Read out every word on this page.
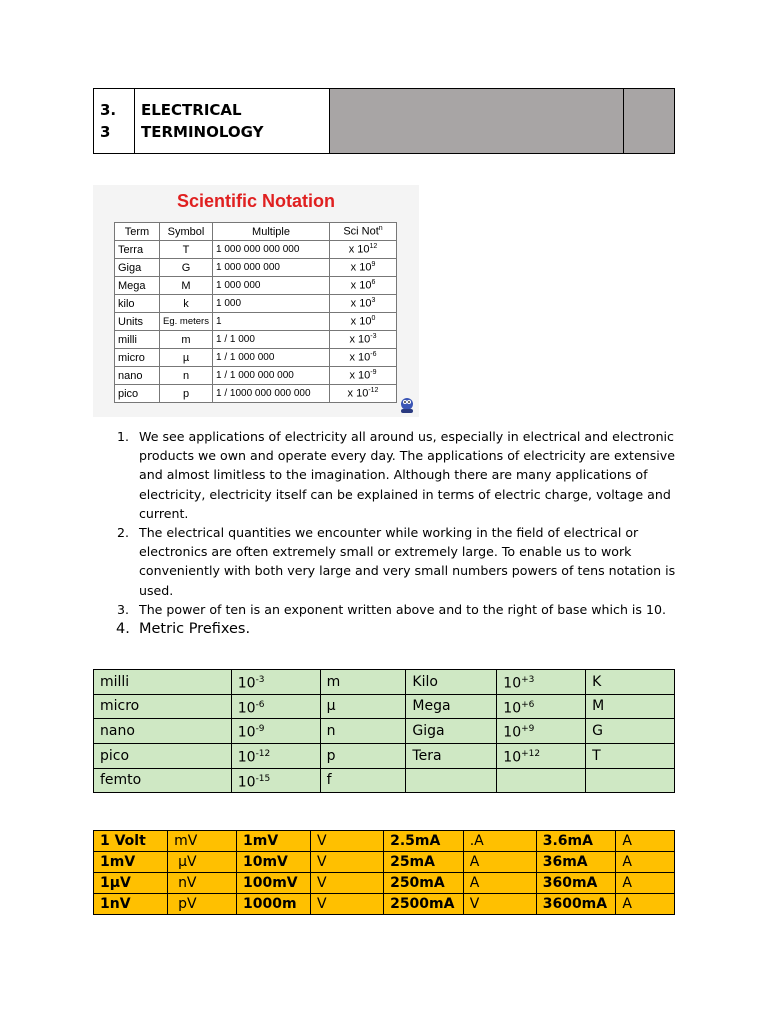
3.
3	ELECTRICAL
TERMINOLOGY		
Scientific Notation
Term	Symbol	Multiple	Sci Not$^n$
Terra	T	1 000 000 000 000	x $10^{12}$
Giga	G	1 000 000 000	x $10^9$
Mega	M	1 000 000	x $10^6$
kilo	k	1 000	x $10^3$
Units	Eg. meters	1	x $10^0$
milli	m	1 / 1 000	x $10^{-3}$
micro	µ	1 / 1 000 000	x $10^{-6}$
nano	n	1 / 1 000 000 000	x $10^{-9}$
pico	p	1 / 1000 000 000 000	x $10^{-12}$
1. We see applications of electricity all around us, especially in electrical and electronic products we own and operate every day. The applications of electricity are extensive and almost limitless to the imagination. Although there are many applications of electricity, electricity itself can be explained in terms of electric charge, voltage and current.
2. The electrical quantities we encounter while working in the field of electrical or electronics are often extremely small or extremely large. To enable us to work conveniently with both very large and very small numbers powers of tens notation is used.
3. The power of ten is an exponent written above and to the right of base which is 10.
4. Metric Prefixes.
milli	$10^{-3}$	m	Kilo	$10^{+3}$	K
micro	$10^{-6}$	µ	Mega	$10^{+6}$	M
nano	$10^{-9}$	n	Giga	$10^{+9}$	G
pico	$10^{-12}$	p	Tera	$10^{+12}$	T
femto	$10^{-15}$	f			
1 Volt	mV	1mV	V	2.5mA	.A	3.6mA	A
1mV	µV	10mV	V	25mA	A	36mA	A
1µV	nV	100mV	V	250mA	A	360mA	A
1nV	pV	1000m	V	2500mA	V	3600mA	A
